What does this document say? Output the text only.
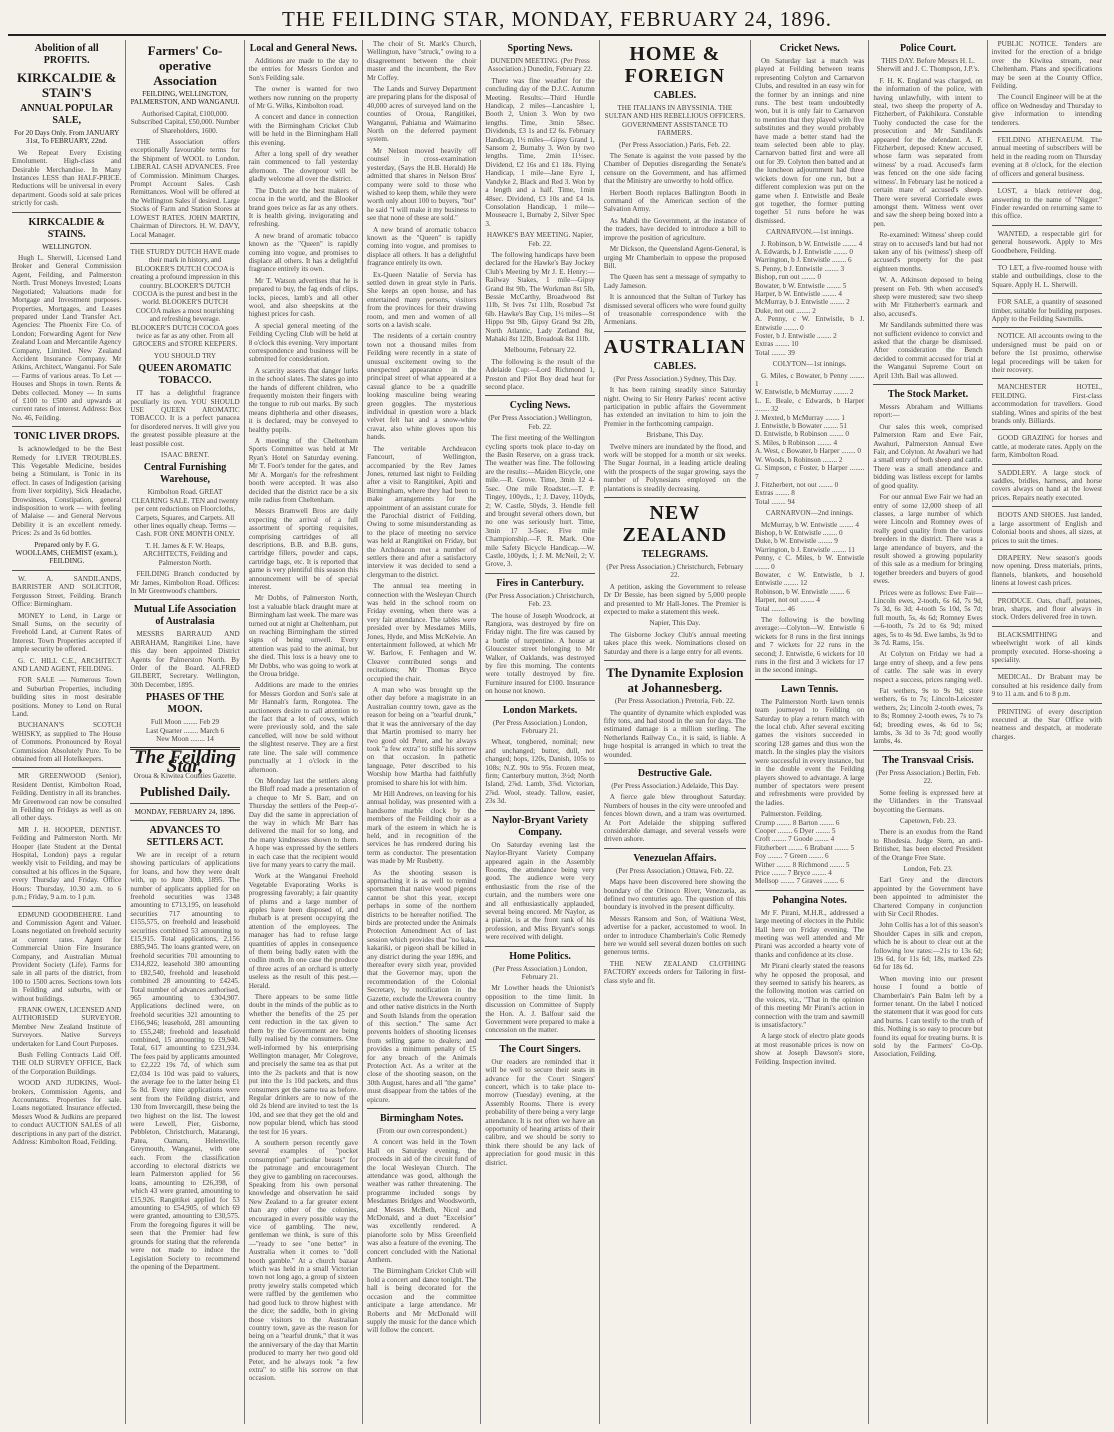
THE FEILDING STAR, MONDAY, FEBRUARY 24, 1896.
Abolition of all PROFITS.
KIRKCALDIE & STAIN'S
ANNUAL POPULAR SALE,

For 20 Days Only. From JANUARY 31st, To FEBRUARY, 22nd.

We Repeat Every Existing Emolument. High-class and Desirable Merchandise. In Many Instances LESS than HALF-PRICE. Reductions will be universal in every department. Goods sold at sale prices strictly for cash.

KIRKCALDIE & STAINS.

WELLINGTON.

Hugh L. Sherwill, Licensed Land Broker and General Commission Agent, Feilding, and Palmerston North. Trust Moneys Invested; Loans Negotiated; Valuations made for Mortgage and Investment purposes. Properties, Mortgages, and Leases prepared under Land Transfer Act. Agencies: The Phoenix Fire Co. of London; Forwarding Agent for New Zealand Loan and Mercantile Agency Company, Limited. New Zealand Accident Insurance Company. Mr Atkins, Architect, Wanganui. For Sale — Farms of various areas. To Let — Houses and Shops in town. Rents & Debts collected. Money — In sums of £100 to £500 and upwards at current rates of interest. Address: Box No. 46, Feilding.

TONIC LIVER DROPS.

Is acknowledged to be the Best Remedy for LIVER TROUBLES. This Vegetable Medicine, besides being a Stimulant, is Tonic in its effect. In cases of Indigestion (arising from liver torpidity), Sick Headache, Drowsiness, Constipation, general indisposition to work — with feeling of Malaise — and General Nervous Debility it is an excellent remedy. Prices: 2s and 3s 6d bottles.

Prepared only by F. G. WOOLLAMS, CHEMIST (exam.), FEILDING.

W. A. SANDILANDS, BARRISTER AND SOLICITOR, Fergusson Street, Feilding. Branch Office: Birmingham.

MONEY to Lend, in Large or Small Sums, on the security of Freehold Land, at Current Rates of Interest. Town Properties accepted if ample security be offered.

G. C. HILL C.E., ARCHITECT AND LAND AGENT, FEILDING.

FOR SALE — Numerous Town and Suburban Properties, including building sites in most desirable positions. Money to Lend on Rural Land.

BUCHANAN'S SCOTCH WHISKY, as supplied to The House of Commons. Pronounced by Royal Commission Absolutely Pure. To be obtained from all Hotelkeepers.

MR GREENWOOD (Senior), Resident Dentist, Kimbolton Road, Feilding. Dentistry in all its branches. Mr Greenwood can now be consulted in Feilding on Fridays as well as on all other days.

MR J. H. HOOPER, DENTIST. Feilding and Palmerston North. Mr Hooper (late Student at the Dental Hospital, London) pays a regular weekly visit to Feilding, and may be consulted at his offices in the Square, every Thursday and Friday. Office Hours: Thursday, 10.30 a.m. to 6 p.m.; Friday, 9 a.m. to 1 p.m.

EDMUND GOODBEHERE. Land and Commission Agent and Valuer. Loans negotiated on freehold security at current rates. Agent for Commercial Union Fire Insurance Company, and Australian Mutual Provident Society (Life). Farms for sale in all parts of the district, from 100 to 1500 acres. Sections town lots in Feilding and suburbs, with or without buildings.

FRANK OWEN, LICENSED AND AUTHORISED SURVEYOR. Member New Zealand Institute of Surveyors. Native Surveys undertaken for Land Court Purposes.

Bush Felling Contracts Laid Off. THE OLD SURVEY OFFICE, Back of the Corporation Buildings.

WOOD AND JUDKINS, Wool-brokers, Commission Agents, and Accountants. Properties for sale. Loans negotiated. Insurance effected. Messrs Wood & Judkins are prepared to conduct AUCTION SALES of all descriptions in any part of the district. Address: Kimbolton Road, Feilding.

Farmers' Co-operative Association

FEILDING, WELLINGTON, PALMERSTON, AND WANGANUI.

Authorised Capital, £100,000. Subscribed Capital, £50,000. Number of Shareholders, 1600.

THE Association offers exceptionally favourable terms for the Shipment of WOOL to London. LIBERAL CASH ADVANCES. Free of Commission. Minimum Charges. Prompt Account Sales. Cash Remittances. Wool will be offered at the Wellington Sales if desired. Large Stocks of Farm and Station Stores at LOWEST RATES. JOHN MARTIN, Chairman of Directors. H. W. DAVY, Local Manager.

THE STURDY DUTCH HAVE made their mark in history, and BLOOKER'S DUTCH COCOA is creating a profound impression in this country. BLOOKER'S DUTCH COCOA is the purest and best in the world. BLOOKER'S DUTCH COCOA makes a most nourishing and refreshing beverage. BLOOKER'S DUTCH COCOA goes twice as far as any other. From all GROCERS and STORE KEEPERS.

YOU SHOULD TRY

QUEEN AROMATIC TOBACCO.

IT has a delightful fragrance peculiarly its own. YOU SHOULD USE QUEEN AROMATIC TOBACCO. It is a perfect panacea for disordered nerves. It will give you the greatest possible pleasure at the least possible cost.

ISAAC BRENT.

Central Furnishing Warehouse,

Kimbolton Road. GREAT CLEARING SALE. TEN and twenty per cent reductions on Floorcloths, Carpets, Squares, and Carpets. All other lines equally cheap. Terms — Cash. FOR ONE MONTH ONLY.

T. H. James & F. W. Heaps, ARCHITECTS, Feilding and Palmerston North.

FEILDING Branch conducted by Mr James, Kimbolton Road. Offices: In Mr Greenwood's chambers.

Mutual Life Association of Australasia

MESSRS BARRAUD AND ABRAHAM, Rangitikei Line, have this day been appointed District Agents for Palmerston North. By Order of the Board. ALFRED GILBERT, Secretary. Wellington, 30th December, 1895.

PHASES OF THE MOON.

Full Moon ........ Feb 29
Last Quarter ........ March 6
New Moon ........ 14

The Feilding Star,

Oroua & Kiwitea Counties Gazette.

Published Daily.

MONDAY, FEBRUARY 24, 1896.

ADVANCES TO SETTLERS ACT.

We are in receipt of a return showing particulars of applications for loans, and how they were dealt with, up to June 30th, 1895. The number of applicants applied for on freehold securities was 1348 amounting to £713,195, on leasehold securities 717 amounting to £155,575, on freehold and leasehold securities combined 53 amounting to £15,915. Total applications, 2,156 £885,945. The loans granted were, on freehold securities 701 amounting to £314,822, leasehold 380 amounting to £82,540, freehold and leasehold combined 28 amounting to £4245. Total number of advances authorised, 965 amounting to £304,907. Applications declined were, on freehold securities 321 amounting to £166,946; leasehold, 281 amounting to £55,248; freehold and leasehold combined, 15 amounting to £9,940. Total, 617 amounting to £231,934. The fees paid by applicants amounted to £2,222 19s 7d, of which sum £2,034 1s 10d was paid to valuers, the average fee to the latter being £1 5s 8d. Every nine applications were sent from the Feilding district, and 130 from Invercargill, these being the two highest on the list. The lowest were Lewell, Pier, Gisborne, Pebbleton, Christchurch, Matarangi, Patea, Oamaru, Helensville, Greymouth, Wanganui, with one each. From the classification according to electoral districts we learn Palmerston applied for 56 loans, amounting to £26,398, of which 43 were granted, amounting to £15,926. Rangitikei applied for 53 amounting to £54,905, of which 69 were granted, amounting to £30,575. From the foregoing figures it will be seen that the Premier had few grounds for stating that the referenda were not made to induce the Legislation Society to recommend the opening of the Department.

Local and General News.

Additions are made to the day to the entries for Messrs Gordon and Son's Feilding sale.

The owner is wanted for two wethers now running on the property of Mr G. Wilks, Kimbolton road.

A concert and dance in connection with the Birmingham Cricket Club will be held in the Birmingham Hall this evening.

After a long spell of dry weather rain commenced to fall yesterday afternoon. The downpour will be gladly welcome all over the district.

The Dutch are the best makers of cocoa in the world, and the Blooker brand goes twice as far as any others. It is health giving, invigorating and refreshing.

A new brand of aromatic tobacco known as the "Queen" is rapidly coming into vogue, and promises to displace all others. It has a delightful fragrance entirely its own.

Mr T. Watson advertises that he is prepared to buy, the fag ends of clips, locks, pieces, lamb's and all other wool, and also sheepskins at the highest prices for cash.

A special general meeting of the Feilding Cycling Club will be held at 8 o'clock this evening. Very important correspondence and business will be submitted for consideration.

A scarcity asserts that danger lurks in the school slates. The slates go into the hands of different children, who frequently moisten their fingers with the tongue to rub out marks. By such means diphtheria and other diseases, it is declared, may be conveyed to healthy pupils.

A meeting of the Cheltenham Sports Committee was held at Mr Ryan's Hotel on Saturday evening. Mr T. Foot's tender for the gates, and Mr A. Morgan's for the refreshment booth were accepted. It was also decided that the district race be a six mile radius from Cheltenham.

Messrs Bramwell Bros are daily expecting the arrival of a full assortment of sporting requisites, comprising cartridges of all descriptions, B.B. and B.B. guns, cartridge fillers, powder and caps, cartridge bags, etc. It is reported that game is very plentiful this season this announcement will be of special interest.

Mr Dobbs, of Palmerston North, lost a valuable black draught mare at Birmingham last week. The mare was turned out at night at Cheltenham, put on reaching Birmingham the stirred signs of being unwell. Every attention was paid to the animal, but she died. This loss is a heavy one to Mr Dobbs, who was going to work at the Oroua bridge.

Additions are made to the entries for Messrs Gordon and Son's sale at Mr Hannah's farm, Rongotea. The auctioneers desire to call attention to the fact that a lot of cows, which were previously sold, and the sale cancelled, will now be sold without the slightest reserve. They are a first rate line. The sale will commence punctually at 1 o'clock in the afternoon.

On Monday last the settlers along the Bluff road made a presentation of a cheque to Mr S. Barr, and on Thursday the settlers of the Peep-o'-Day did the same in appreciation of the way in which Mr Barr has delivered the mail for so long, and the many kindnesses shown to them. A hope was expressed by the settlers in each case that the recipient would live for many years to carry the mail.

Work at the Wanganui Freehold Vegetable Evaporating Works is progressing favorably; a fair quantity of plums and a large number of apples have been disposed of, and rhubarb is at present occupying the attention of the employees. The manager has had to refuse large quantities of apples in consequence of them being badly eaten with the codlin moth. In one case the produce of three acres of an orchard is utterly useless as the result of this pest.—Herald.

There appears to be some little doubt in the minds of the public as to whether the benefits of the 25 per cent reduction in the tax given to them by the Government are being fully realised by the consumers. One well-informed by his enterprising Wellington manager, Mr Colegrove, and precisely the same tea as that put into the 2s packets and that is now put into the 1s 10d packets, and thus consumers get the same tea as before. Regular drinkers are to now of the old 2s blend are invited to test the 1s 10d, and see that they get the old and now popular blend, which has stood the test for 16 years.

A southern person recently gave several examples of "pocket consumption" particular beasts" for the patronage and encouragement they give to gambling on racecourses. Speaking from his own personal knowledge and observation he said New Zealand to a far greater extent than any other of the colonies, encouraged in every possible way the vice of gambling. The new, gentleman we think, is sure of this—"ready to see "one better" in Australia when it comes to "doll booth gamble." At a church bazaar which was held in a small Victorian town not long ago, a group of sixteen pretty jewelry stalls competed which were raffled by the gentlemen who had good luck to throw highest with the dice; the saddle, both in giving those visitors to the Australian country town, gave as the reason for being on a "tearful drunk," that it was the anniversary of the day that Martin produced to marry her two good old Peter, and he always took "a few extra" to stifle his sorrow on that occasion.

The choir of St. Mark's Church, Wellington, have "struck," owing to a disagreement between the choir master and the incumbent, the Rev Mr Coffey.

The Lands and Survey Department are preparing plans for the disposal of 40,000 acres of surveyed land on the counties of Oroua, Rangitikei, Wanganui, Pahiatua and Waimarino North on the deferred payment system.

Mr Nelson moved heavily off counsel in cross-examination yesterday, (Says the H.B. Herald) He admitted that shares in Nelson Bros' company were sold to those who wished to keep them, while they were worth only about 100 to buyers, "but" he said "I will make it my business to see that none of these are sold."

A new brand of aromatic tobacco known as the "Queen" is rapidly coming into vogue, and promises to displace all others. It has a delightful fragrance entirely its own.

Ex-Queen Natalie of Servia has settled down in great style in Paris. She keeps an open house, and has entertained many persons, visitors from the provinces for their drawing room, and men and women of all sorts on a lavish scale.

The residents of a certain country town not a thousand miles from Feilding were recently in a state of unusual excitement owing to the unexpected appearance in the principal street of what appeared at a casual glance to be a quadrille looking masculine being wearing green goggles. The mysterious individual in question wore a black velvet felt hat and a snow-white cravat, also white gloves upon his hands.

The veritable Archdeacon Fancourt, of Wellington, accompanied by the Rev James Jones, returned last night to Feilding after a visit to Rangitikei, Apiti and Birmingham, where they had been to make arrangements for the appointment of an assistant curate for the Parochial district of Feilding. Owing to some misunderstanding as to the place of meeting no service was held at Rangitikei on Friday, but the Archdeacon met a number of settlers there and after a satisfactory interview it was decided to send a clergyman to the district.

The annual tea meeting in connection with the Wesleyan Church was held in the school room on Friday evening, when there was a very fair attendance. The tables were presided over by Mesdames Mills, Jones, Hyde, and Miss McKelvie. An entertainment followed, at which Mr W. Barlow, F. Fenhagen and W. Cleaver contributed songs and recitations; Mr Thomas Bryce occupied the chair.

A man who was brought up the other day before a magistrate in an Australian country town, gave as the reason for being on a "tearful drunk," that it was the anniversary of the day that Martin promised to marry her two good old Peter, and he always took "a few extra" to stifle his sorrow on that occasion. In pathetic language, Peter described to his Worship how Martha had faithfully promised to share his lot with him.

Mr Hill Andrews, on leaving for his annual holiday, was presented with a handsome marble clock by the members of the Feilding choir as a mark of the esteem in which he is held, and in recognition of the services he has rendered during his term as conductor. The presentation was made by Mr Rusbetty.

As the shooting season is approaching it is as well to remind sportsmen that native wood pigeons cannot be shot this year, except perhaps in some of the northern districts to be hereafter notified. The birds are protected under the Animals Protection Amendment Act of last session which provides that "no kaka, kakariki, or pigeon shall be killed in any district during the year 1896, and thereafter every sixth year, provided that the Governor may, upon the recommendation of the Colonial Secretary, by notification in the Gazette, exclude the Urewera country and other native districts in the North and South Islands from the operation of this section." The same Act prevents holders of shooting licenses from selling game to dealers; and provides a minimum penalty of £5 for any breach of the Animals Protection Act. As a writer at the close of the shooting season, on the 30th August, hares and all "the game" must disappear from the tables of the epicure.

Birmingham Notes.

(From our own correspondent.)

A concert was held in the Town Hall on Saturday evening, the proceeds in aid of the circuit fund of the local Wesleyan Church. The attendance was good, although the weather was rather threatening. The programme included songs by Mesdames Bridges and Woodsworth, and Messrs McBeth, Nicol and McDonald, and a duet "Excelsior" was excellently rendered. A pianoforte solo by Miss Greenfield was also a feature of the evening. The concert concluded with the National Anthem.

The Birmingham Cricket Club will hold a concert and dance tonight. The hall is being decorated for the occasion and the committee anticipate a large attendance. Mr Roberts and Mr McDonald will supply the music for the dance which will follow the concert.

Sporting News.

DUNEDIN MEETING. (Per Press Association.) Dunedin, February 22.

There was fine weather for the concluding day of the D.J.C. Autumn Meeting. Results:—Third Hurdle Handicap, 2 miles—Lancashire 1, Booth 2, Union 3. Won by two lengths. Time, 3min 58sec. Dividends, £3 1s and £2 6s. February Handicap, 1½ miles—Gipsy Grand 1, Sansom 2, Burnaby 3. Won by two lengths. Time, 2min 11½sec. Dividend, £2 16s and £1 18s. Flying Handicap, 1 mile—Jane Eyre 1, Vandyke 2, Black and Red 3. Won by a length and a half. Time, 1min 48sec. Dividend, £3 10s and £4 1s. Consolation Handicap, 1 mile—Mouseacre 1, Burnaby 2, Silver Spec 3.

HAWKE'S BAY MEETING. Napier, Feb. 22.

The following handicaps have been declared for the Hawke's Bay Jockey Club's Meeting by Mr J. E. Henry:— Railway Stakes, 1 mile—Gipsy Grand 8st 9lb, The Workman 8st 5lb, Bessie McCarthy, Broadwood 8st 11lb, St Ives 7st 11lb, Rosebud 7st 6lb. Hawke's Bay Cup, 1½ miles—St Hippo 9st 9lb, Gipsy Grand 9st 2lb, North Atlantic, Lady Zetland 8st, Mahaki 8st 12lb, Broadoak 8st 11lb.

Melbourne, February 22.

The following is the result of the Adelaide Cup:—Lord Richmond 1, Preston and Pilot Boy dead heat for second place.

Cycling News.

(Per Press Association.) Wellington, Feb. 22.

The first meeting of the Wellington cycling sports took place to-day on the Basin Reserve, on a grass track. The weather was fine. The following are the results:—Maiden Bicycle, one mile.—R. Grove. Time, 3min 12 4-5sec. One mile Roadster.—T. P. Tingey, 100yds., 1; J. Davey, 110yds, 2; W. Castle, 50yds, 3. Hendle fell and brought several others down, but no one was seriously hurt. Time, 3min 17 3-5sec. Five mile Championship.—F. R. Mark. One mile Safety Bicycle Handicap.—W. Castle, 100yds, 1; J. M. McNeil, 2; V. Grove, 3.

Fires in Canterbury.

(Per Press Association.) Christchurch, Feb. 23.

The house of Joseph Woodcock, at Rangiora, was destroyed by fire on Friday night. The fire was caused by a bottle of turpentine. A house at Gloucester street belonging to Mr Walker, of Oaklands, was destroyed by fire this morning. The contents were totally destroyed by fire. Furniture insured for £100. Insurance on house not known.

London Markets.

(Per Press Association.) London, February 21.

Wheat, tongbered, nominal; new and unchanged; butter, dull, not changed; hops, 120s, Danish, 105s to 108s; N.Z. 90s to 95s. Frozen meat, firm; Canterbury mutton, 3½d; North Island, 2⅞d. Lamb, 3⅞d. Victorian, 2⅞d. Wool, steady. Tallow, easier, 23s 3d.

Naylor-Bryant Variety Company.

On Saturday evening last the Naylor-Bryant Variety Company appeared again in the Assembly Rooms, the attendance being very good. The audience were very enthusiastic from the rise of the curtain, and the numbers were one and all enthusiastically applauded, several being encored. Mr Naylor, as a pianist, is at the front rank of his profession, and Miss Bryant's songs were received with delight.

Home Politics.

(Per Press Association.) London, February 21.

Mr Lowther heads the Unionist's opposition to the time limit. In discussion on Committee of Supply the Hon. A. J. Balfour said the Government were prepared to make a concession on the matter.

The Court Singers.

Our readers are reminded that it will be well to secure their seats in advance for the Court Singers' concert, which is to take place to-morrow (Tuesday) evening, at the Assembly Rooms. There is every probability of there being a very large attendance. It is not often we have an opportunity of hearing artists of their calibre, and we should be sorry to think there should be any lack of appreciation for good music in this district.

HOME & FOREIGN
CABLES.

THE ITALIANS IN ABYSSINIA. THE SULTAN AND HIS REBELLIOUS OFFICERS. GOVERNMENT ASSISTANCE TO FARMERS.

(Per Press Association.) Paris, Feb. 22.

The Senate is against the vote passed by the Chamber of Deputies disregarding the Senate's censure on the Government, and has affirmed that the Ministry are unworthy to hold office.

Herbert Booth replaces Ballington Booth in command of the American section of the Salvation Army.

As Mahdi the Government, at the instance of the traders, have decided to introduce a bill to improve the position of agriculture.

Mr Dickson, the Queensland Agent-General, is urging Mr Chamberlain to oppose the proposed Bill.

The Queen has sent a message of sympathy to Lady Jameson.

It is announced that the Sultan of Turkey has dismissed several officers who were found guilty of treasonable correspondence with the Armenians.

AUSTRALIAN
CABLES.

(Per Press Association.) Sydney, This Day.

It has been raining steadily since Saturday night. Owing to Sir Henry Parkes' recent active participation in public affairs the Government has extended an invitation to him to join the Premier in the forthcoming campaign.

Brisbane, This Day.

Twelve miners are inundated by the flood, and work will be stopped for a month or six weeks. The Sugar Journal, in a leading article dealing with the prospects of the sugar growing, says the number of Polynesians employed on the plantations is steadily decreasing.

NEW ZEALAND
TELEGRAMS.

(Per Press Association.) Christchurch, February 22.

A petition, asking the Government to release Dr Dr Bessie, has been signed by 5,000 people and presented to Mr Hall-Jones. The Premier is expected to make a statement this week.

Napier, This Day.

The Gisborne Jockey Club's annual meeting takes place this week. Nominations closed on Saturday and there is a large entry for all events.

The Dynamite Explosion at Johannesberg.

(Per Press Association.) Pretoria, Feb. 22.

The quantity of dynamite which exploded was fifty tons, and had stood in the sun for days. The estimated damage is a million sterling. The Netherlands Railway Co., it is said, is liable. A huge hospital is arranged in which to treat the wounded.

Destructive Gale.

(Per Press Association.) Adelaide, This Day.

A fierce gale blew throughout Saturday. Numbers of houses in the city were unroofed and fences blown down, and a tram was overturned. At Port Adelaide the shipping suffered considerable damage, and several vessels were driven ashore.

Venezuelan Affairs.

(Per Press Association.) Ottawa, Feb. 22.

Maps have been discovered here showing the boundary of the Orinoco River, Venezuela, as defined two centuries ago. The question of this boundary is involved in the present difficulty.

Messrs Ransom and Son, of Waitiuna West, advertise for a packer, accustomed to wool. In order to introduce Chamberlain's Colic Remedy here we would sell several dozen bottles on such generous terms.

THE NEW ZEALAND CLOTHING FACTORY exceeds orders for Tailoring in first-class style and fit.

Cricket News.

On Saturday last a match was played at Feilding between teams representing Colyton and Carnarvon Clubs, and resulted in an easy win for the former by an innings and nine runs. The best team undoubtedly won, but it is only fair to Carnarvon to mention that they played with five substitutes and they would probably have made a better stand had the team selected been able to play. Carnarvon batted first and were all out for 39. Colyton then batted and at the luncheon adjournment had three wickets down for one run, but a different complexion was put on the game when J. Entwistle and Beale got together, the former putting together 51 runs before he was dismissed.

CARNARVON.—1st innings.

J. Robinson, b W. Entwistle ........ 4
A. Edwards, b J. Entwistle ........ 0
Warrington, b J. Entwistle ........ 6
S. Penny, b J. Entwistle ........ 3
Bishop, run out ........ 0
Bowater, b W. Entwistle ........ 5
Harper, b W. Entwistle ........ 4
McMurray, b J. Entwistle ........ 2
Duke, not out ........ 2
A. Penny, c W. Entwistle, b J. Entwistle ........ 0
Foster, b J. Entwistle ........ 2
Extras ........ 10
Total ........ 39

COLYTON—1st innings.

G. Miles, c Bowater, b Penny ........ 1
W. Entwistle, b McMurray ........ 2
L. E. Beale, c Edwards, b Harper ........ 32
J. Mexted, b McMurray ........ 1
J. Entwistle, b Bowater ........ 51
D. Entwistle, b Robinson ........ 0
S. Miles, b Robinson ........ 4
A. West, c Bowater, b Harper ........ 0
W. Woods, b Robinson ........ 2
G. Simpson, c Foster, b Harper ........ 7
J. Fitzherbert, not out ........ 0
Extras ........ 8
Total ........ 94

CARNARVON—2nd innings.

McMurray, b W. Entwistle ........ 4
Bishop, b W. Entwistle ........ 0
Duke, b W. Entwistle ........ 9
Warrington, b J. Entwistle ........ 11
Penny, c C. Miles, b W. Entwistle ........ 0
Bowater, c W. Entwistle, b J. Entwistle ........ 12
Robinson, b W. Entwistle ........ 6
Harper, not out ........ 4
Total ........ 46

The following is the bowling average:—Colyton—W. Entwistle 6 wickets for 8 runs in the first innings and 7 wickets for 22 runs in the second; J. Entwistle, 6 wickets for 10 runs in the first and 3 wickets for 17 in the second innings.

Lawn Tennis.

The Palmerston North lawn tennis team journeyed to Feilding on Saturday to play a return match with the local club. After several exciting games the visitors succeeded in scoring 128 games and thus won the match. In the singles play the visitors were successful in every instance, but in the double event the Feilding players showed to advantage. A large number of spectators were present and refreshments were provided by the ladies.

Palmerston. Feilding.
Crump ........ 8 Barton ........ 6
Cooper ........ 6 Dyer ........ 5
Croft ........ 7 Goode ........ 4
Fitzherbert ........ 6 Brabant ........ 5
Foy ........ 7 Green ........ 6
Wither ........ 8 Richmond ........ 5
Price ........ 7 Bryce ........ 4
Mellsop ........ 7 Graves ........ 6

Pohangina Notes.

Mr F. Pirani, M.H.R., addressed a large meeting of electors in the Public Hall here on Friday evening. The meeting was well attended and Mr Pirani was accorded a hearty vote of thanks and confidence at its close.

Mr Pirani clearly stated the reasons why he opposed the proposal, and they seemed to satisfy his hearers, as the following motion was carried on the voices, viz., "That in the opinion of this meeting Mr Pirani's action in connection with the tram and sawmill is unsatisfactory."

A large stock of electro plate goods at most reasonable prices is now on show at Joseph Dawson's store, Feilding. Inspection invited.

Police Court.

THIS DAY. Before Messrs H. L. Sherwill and J. C. Thompson, J.P.'s.

F. H. K. England was charged, on the information of the police, with having unlawfully, with intent to steal, two sheep the property of A. Fitzherbert, of Pakihikura. Constable Tuohy conducted the case for the prosecution and Mr Sandilands appeared for the defendant. A. F. Fitzherbert, deposed: Knew accused, whose farm was separated from witness' by a road. Accused's farm was fenced on the one side facing witness'. In February last he noticed a certain mare of accused's sheep. There were several Corriedale ewes amongst them. Witness went over and saw the sheep being boxed into a pen.

Re-examined: Witness' sheep could stray on to accused's land but had not taken any of his (witness') sheep off accused's property for the past eighteen months.

W. A. Atkinson deposed to being present on Feb. 9th when accused's sheep were mustered; saw two sheep with Mr Fitzherbert's earmark and also, accused's.

Mr Sandilands submitted there was not sufficient evidence to convict and asked that the charge be dismissed. After consideration the Bench decided to commit accused for trial at the Wanganui Supreme Court on April 13th. Bail was allowed.

The Stock Market.

Messrs Abraham and Williams report:—

Our sales this week, comprised Palmerston Ram and Ewe Fair, Awahuri, Palmerston Annual Ewe Fair, and Colyton. At Awahuri we had a small entry of both sheep and cattle. There was a small attendance and bidding was listless except for lambs of good quality.

For our annual Ewe Fair we had an entry of some 12,000 sheep of all classes, a large number of which were Lincoln and Romney ewes of really good quality from the various breeders in the district. There was a large attendance of buyers, and the result showed a growing popularity of this sale as a medium for bringing together breeders and buyers of good ewes.

Prices were as follows: Ewe Fair—Lincoln ewes, 2-tooth, 6s 6d, 7s 9d, 7s 3d, 6s 3d; 4-tooth 5s 10d, 5s 7d; full mouth, 5s, 4s 6d; Romney Ewes—6-tooth, 7s 2d to 6s 9d; mixed ages, 5s to 4s 9d. Ewe lambs, 3s 9d to 3s 7d. Rams, 15s.

At Colyton on Friday we had a large entry of sheep, and a few pens of cattle. The sale was in every respect a success, prices ranging well.

Fat wethers, 9s to 9s 9d; store wethers, 6s to 7s; Lincoln-Leicester wethers, 2s; Lincoln 2-tooth ewes, 7s to 8s; Romney 2-tooth ewes, 7s to 7s 6d; breeding ewes, 4s 6d to 5s; lambs, 3s 3d to 3s 7d; good woolly lambs, 4s.

The Transvaal Crisis.

(Per Press Association.) Berlin, Feb. 22.

Some feeling is expressed here at the Uitlanders in the Transvaal boycotting the Germans.

Capetown, Feb. 23.

There is an exodus from the Rand to Rhodesia. Judge Stern, an anti-Britisher, has been elected President of the Orange Free State.

London, Feb. 23.

Earl Grey and the directors appointed by the Government have been appointed to administer the Chartered Company in conjunction with Sir Cecil Rhodes.

John Collis has a lot of this season's Shoulder Capes in silk and crepon, which he is about to clear out at the following low rates:—21s to 13s 6d; 19s 6d, for 11s 6d; 18s, marked 22s 6d for 18s 6d.

When moving into our present house I found a bottle of Chamberlain's Pain Balm left by a former tenant. On the label I noticed the statement that it was good for cuts and burns. I can testify to the truth of this. Nothing is so easy to procure but found its equal for treating burns. It is sold by the Farmers' Co-Op. Association, Feilding.

PUBLIC NOTICE. Tenders are invited for the erection of a bridge over the Kiwitea stream, near Cheltenham. Plans and specifications may be seen at the County Office, Feilding.

The Council Engineer will be at the office on Wednesday and Thursday to give information to intending tenderers.

FEILDING ATHENAEUM. The annual meeting of subscribers will be held in the reading room on Thursday evening at 8 o'clock, for the election of officers and general business.

LOST, a black retriever dog, answering to the name of "Nigger." Finder rewarded on returning same to this office.

WANTED, a respectable girl for general housework. Apply to Mrs Goodbehere, Feilding.

TO LET, a five-roomed house with stable and outbuildings, close to the Square. Apply H. L. Sherwill.

FOR SALE, a quantity of seasoned timber, suitable for building purposes. Apply to the Feilding Sawmills.

NOTICE. All accounts owing to the undersigned must be paid on or before the 1st proximo, otherwise legal proceedings will be taken for their recovery.

MANCHESTER HOTEL, FEILDING. First-class accommodation for travellers. Good stabling. Wines and spirits of the best brands only. Billiards.

GOOD GRAZING for horses and cattle, at moderate rates. Apply on the farm, Kimbolton Road.

SADDLERY. A large stock of saddles, bridles, harness, and horse covers always on hand at the lowest prices. Repairs neatly executed.

BOOTS AND SHOES. Just landed, a large assortment of English and Colonial boots and shoes, all sizes, at prices to suit the times.

DRAPERY. New season's goods now opening. Dress materials, prints, flannels, blankets, and household linens at lowest cash prices.

PRODUCE. Oats, chaff, potatoes, bran, sharps, and flour always in stock. Orders delivered free in town.

BLACKSMITHING and wheelwright work of all kinds promptly executed. Horse-shoeing a speciality.

MEDICAL. Dr Brabant may be consulted at his residence daily from 9 to 11 a.m. and 6 to 8 p.m.

PRINTING of every description executed at the Star Office with neatness and despatch, at moderate charges.
